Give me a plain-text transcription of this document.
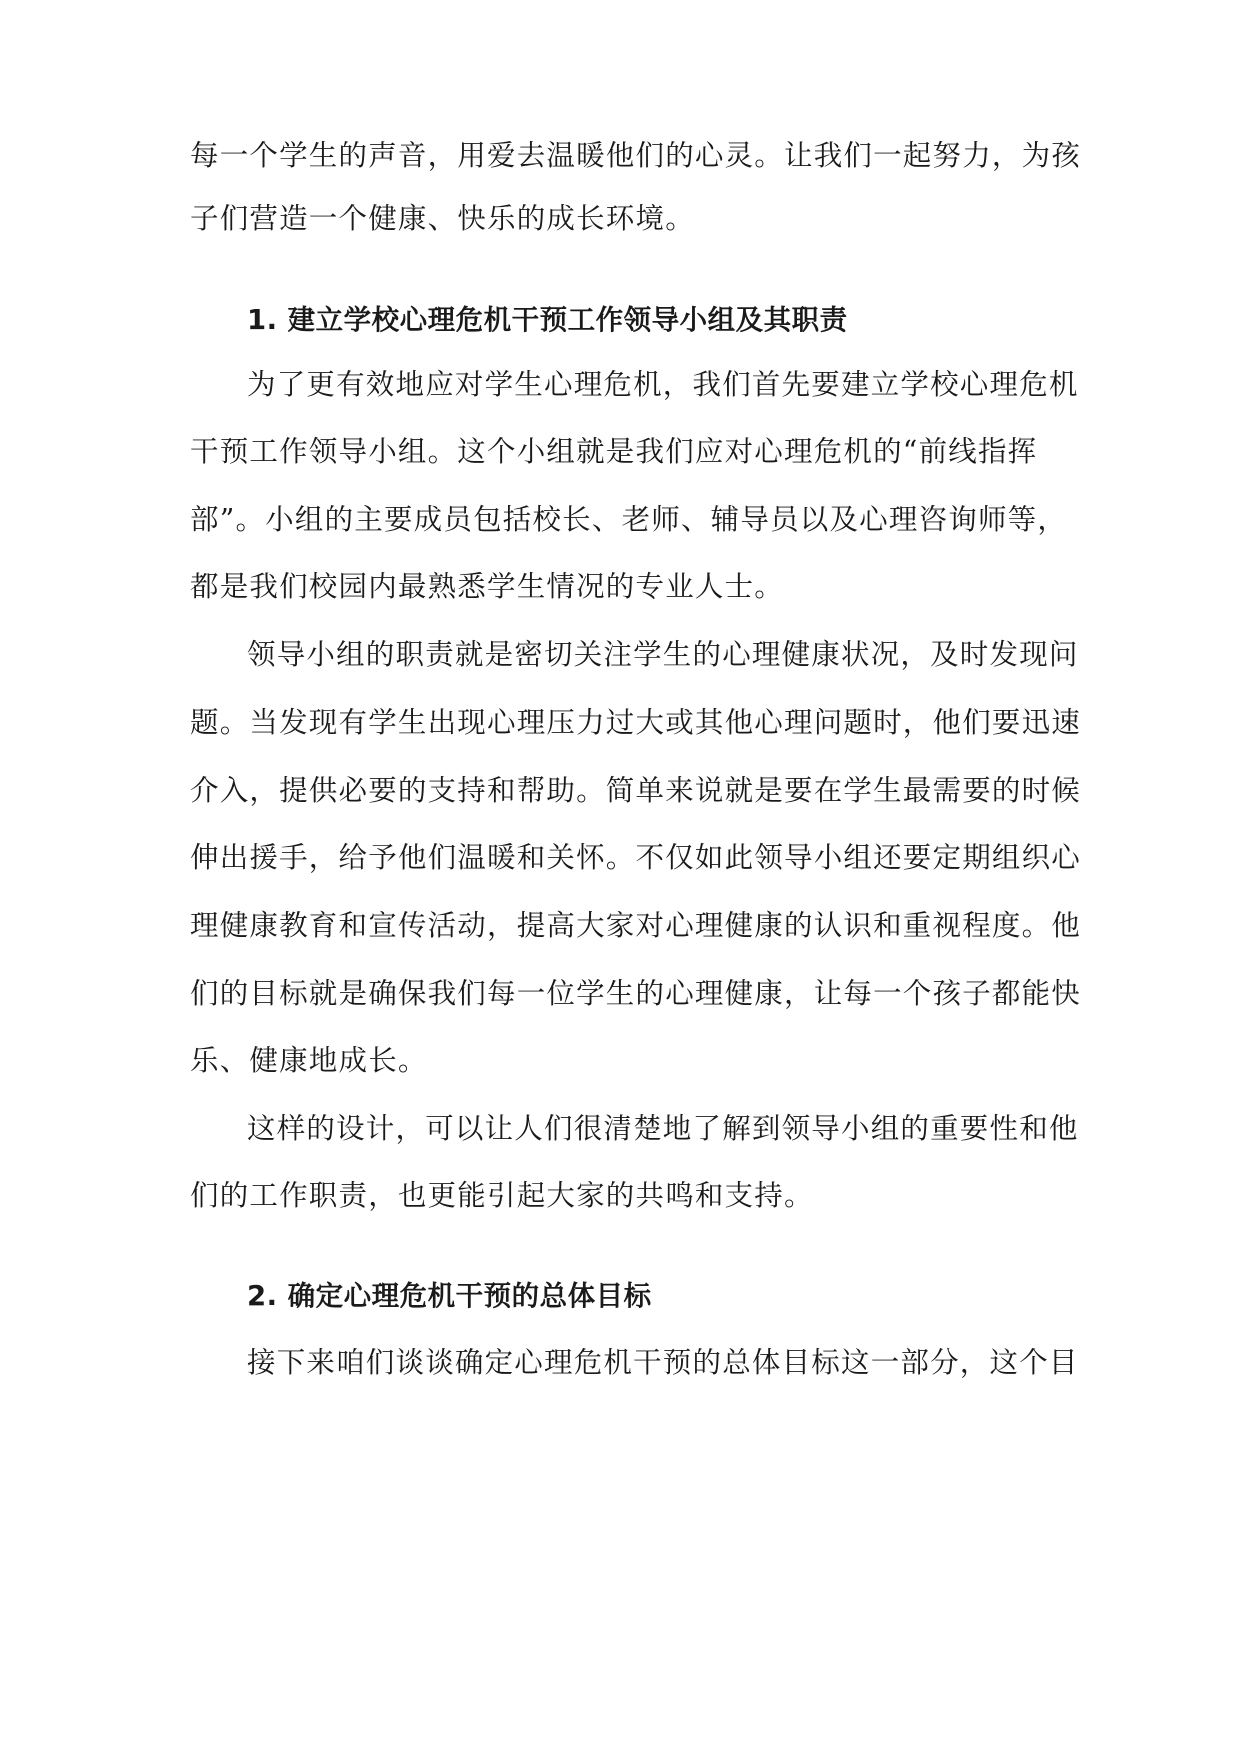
每一个学生的声音，用爱去温暖他们的心灵。让我们一起努力，为孩
子们营造一个健康、快乐的成长环境。
1. 建立学校心理危机干预工作领导小组及其职责
为了更有效地应对学生心理危机，我们首先要建立学校心理危机
干预工作领导小组。这个小组就是我们应对心理危机的“前线指挥
部”。小组的主要成员包括校长、老师、辅导员以及心理咨询师等，
都是我们校园内最熟悉学生情况的专业人士。
领导小组的职责就是密切关注学生的心理健康状况，及时发现问
题。当发现有学生出现心理压力过大或其他心理问题时，他们要迅速
介入，提供必要的支持和帮助。简单来说就是要在学生最需要的时候
伸出援手，给予他们温暖和关怀。不仅如此领导小组还要定期组织心
理健康教育和宣传活动，提高大家对心理健康的认识和重视程度。他
们的目标就是确保我们每一位学生的心理健康，让每一个孩子都能快
乐、健康地成长。
这样的设计，可以让人们很清楚地了解到领导小组的重要性和他
们的工作职责，也更能引起大家的共鸣和支持。
2. 确定心理危机干预的总体目标
接下来咱们谈谈确定心理危机干预的总体目标这一部分，这个目
